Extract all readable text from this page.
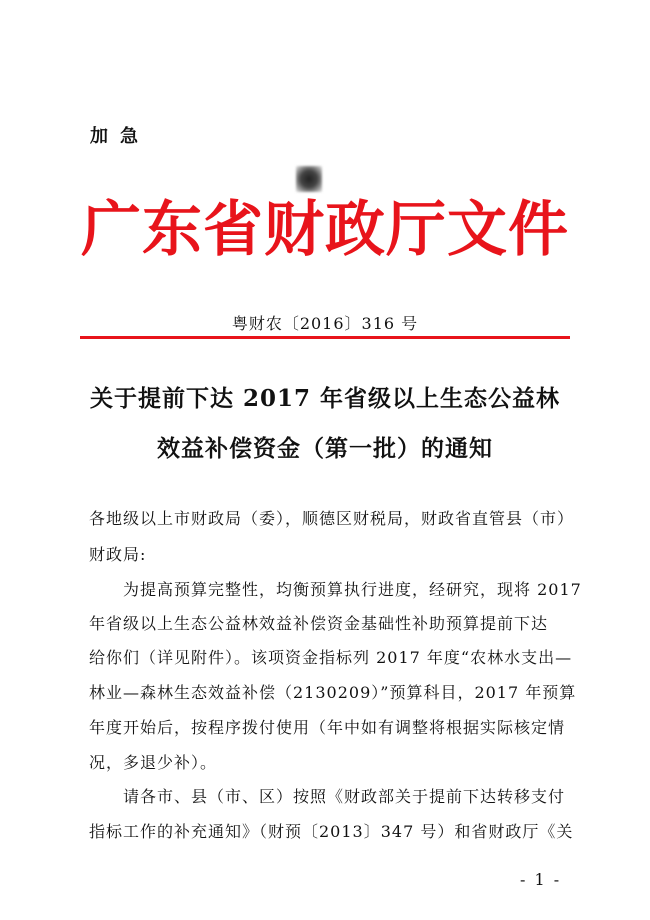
加急
广东省财政厅文件
粤财农〔2016〕316 号
关于提前下达 2017 年省级以上生态公益林
效益补偿资金（第一批）的通知
各地级以上市财政局（委），顺德区财税局，财政省直管县（市）
财政局:
　　为提高预算完整性，均衡预算执行进度，经研究，现将 2017
年省级以上生态公益林效益补偿资金基础性补助预算提前下达
给你们（详见附件）。该项资金指标列 2017 年度“农林水支出—
林业—森林生态效益补偿（2130209）”预算科目，2017 年预算
年度开始后，按程序拨付使用（年中如有调整将根据实际核定情
况，多退少补）。
　　请各市、县（市、区）按照《财政部关于提前下达转移支付
指标工作的补充通知》（财预〔2013〕347 号）和省财政厅《关
- 1 -
